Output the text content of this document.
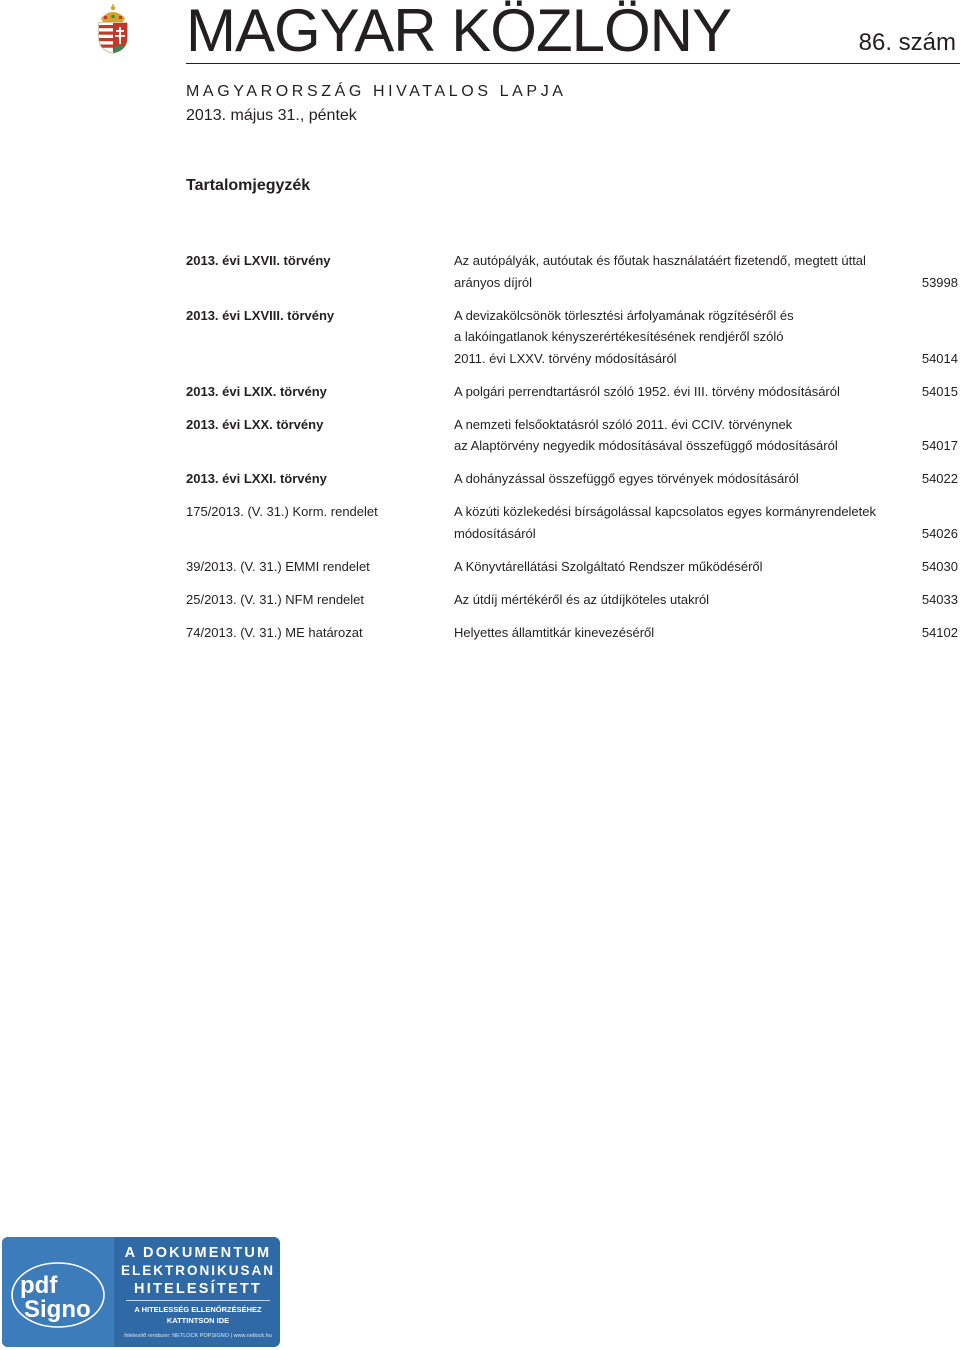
MAGYAR KÖZLÖNY	86. szám
MAGYARORSZÁG HIVATALOS LAPJA
2013. május 31., péntek
Tartalomjegyzék
2013. évi LXVII. törvény	Az autópályák, autóutak és főutak használatáért fizetendő, megtett úttal
arányos díjról	53998
2013. évi LXVIII. törvény	A devizakölcsönök törlesztési árfolyamának rögzítéséről és
a lakóingatlanok kényszerértékesítésének rendjéről szóló
2011. évi LXXV. törvény módosításáról	54014
2013. évi LXIX. törvény	A polgári perrendtartásról szóló 1952. évi III. törvény módosításáról	54015
2013. évi LXX. törvény	A nemzeti felsőoktatásról szóló 2011. évi CCIV. törvénynek
az Alaptörvény negyedik módosításával összefüggő módosításáról	54017
2013. évi LXXI. törvény	A dohányzással összefüggő egyes törvények módosításáról	54022
175/2013. (V. 31.) Korm. rendelet	A közúti közlekedési bírságolással kapcsolatos egyes kormányrendeletek
módosításáról	54026
39/2013. (V. 31.) EMMI rendelet	A Könyvtárellátási Szolgáltató Rendszer működéséről	54030
25/2013. (V. 31.) NFM rendelet	Az útdíj mértékéről és az útdíjköteles utakról	54033
74/2013. (V. 31.) ME határozat	Helyettes államtitkár kinevezéséről	54102
pdf
Signo
A DOKUMENTUM
ELEKTRONIKUSAN
HITELESÍTETT
A HITELESSÉG ELLENŐRZÉSÉHEZ
KATTINTSON IDE
hitelesítő rendszer: NETLOCK POPSIGNO | www.netlock.hu
